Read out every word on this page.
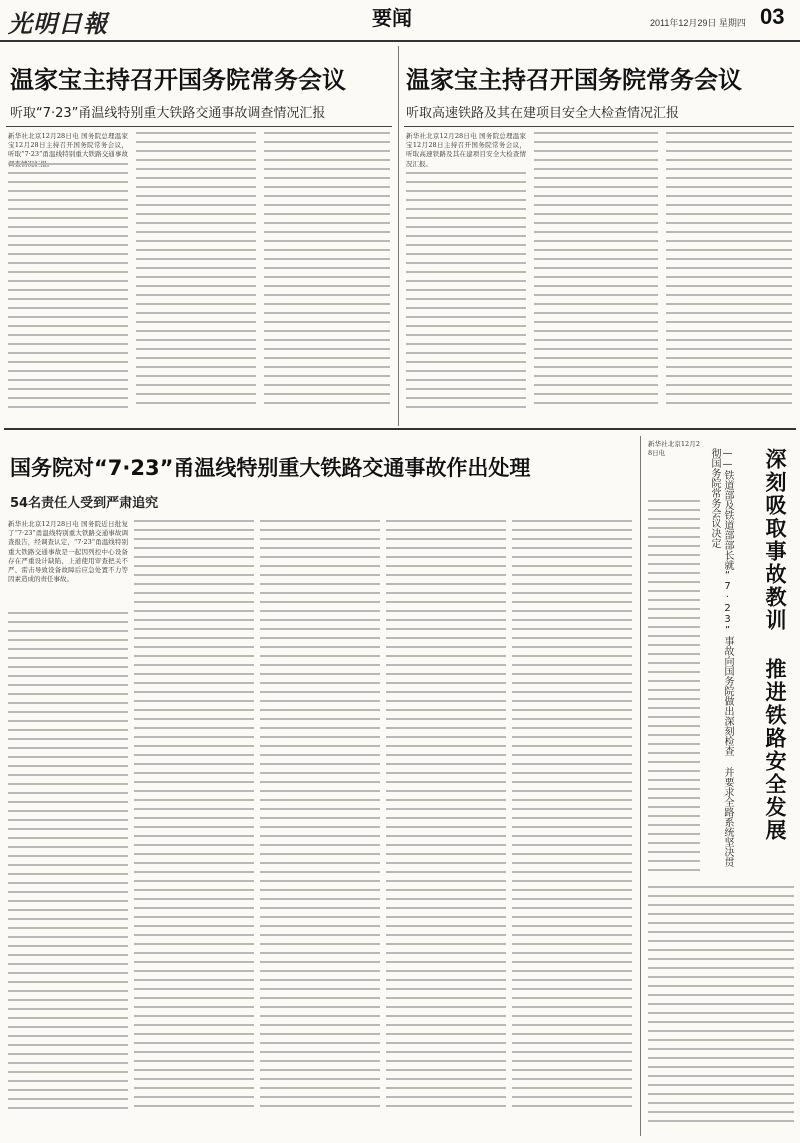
光明日報	要闻	2011年12月29日 星期四 03
温家宝主持召开国务院常务会议
听取“7·23”甬温线特别重大铁路交通事故调查情况汇报
新华社北京12月28日电 国务院总理温家宝12月28日主持召开国务院常务会议，听取“7·23”甬温线特别重大铁路交通事故
温家宝主持召开国务院常务会议
听取高速铁路及其在建项目安全大检查情况汇报
新华社北京12月28日电 国务院总理温家宝12月28日主持召开国务院常务会议，听取高速铁路及其在建项目安全大检查情况汇报。
国务院对“7·23”甬温线特别重大铁路交通事故作出处理
54名责任人受到严肃追究
新华社北京12月28日电 国务院近日批复了“7·23”甬温线特别重大铁路交通事故调查报告，经调查认定，“7·23”甬温线特别重大铁路交通事故是一起因列控中心设备存在严重设计缺陷、上道使用审查把关不严、雷击导致设备故障后应急处置不力等因素造成的责任事故。	深刻吸取事故教训 推进铁路安全发展
——铁道部及铁道部部长就“7·23”事故向国务院做出深刻检查 并要求全路系统坚决贯彻国务院常务会议决定
新华社北京12月28日电
